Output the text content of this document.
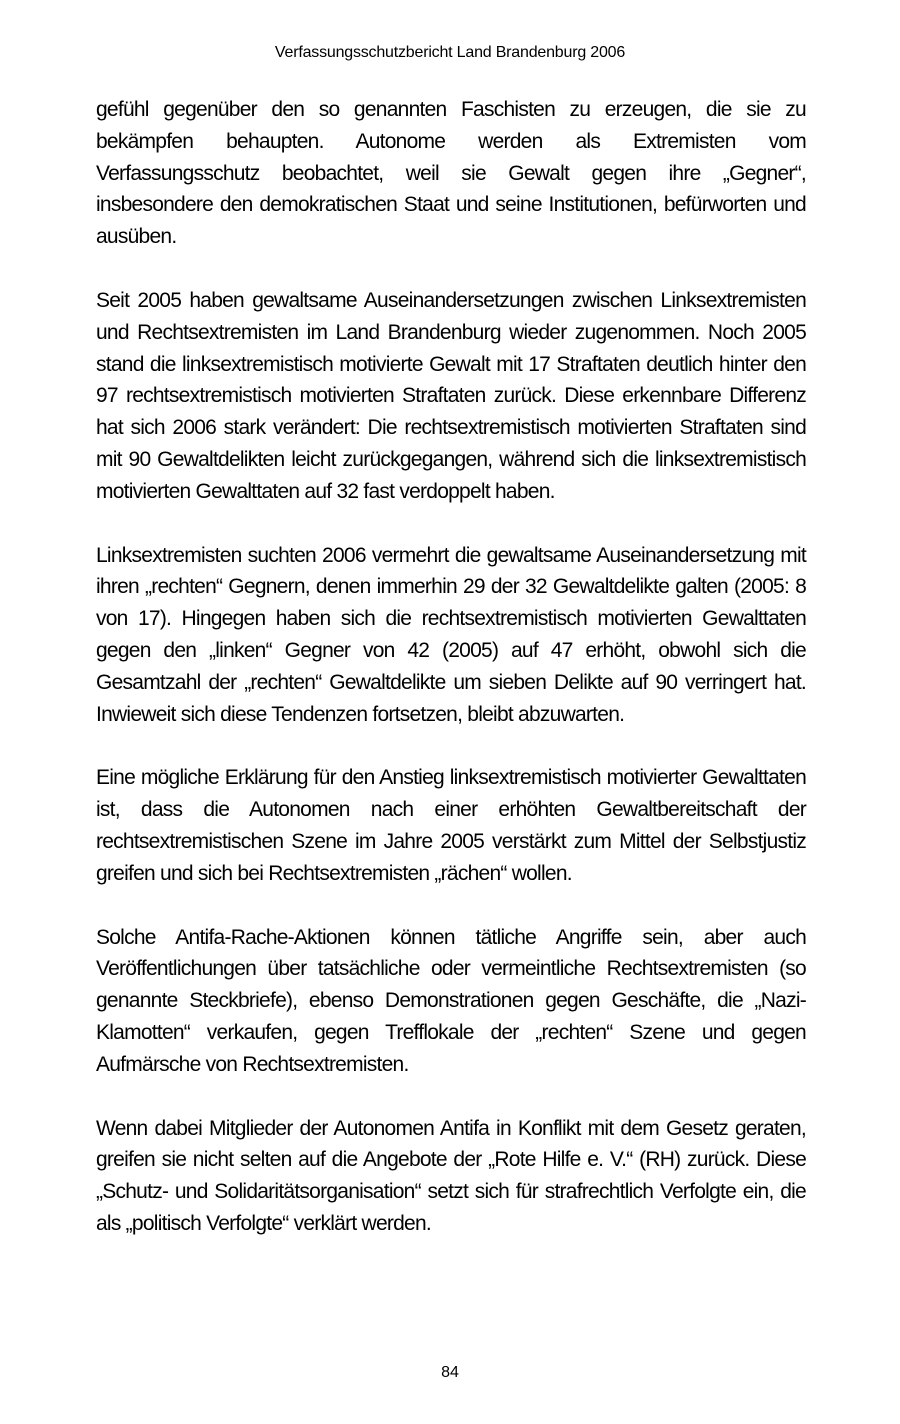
Verfassungsschutzbericht Land Brandenburg 2006

gefühl gegenüber den so genannten Faschisten zu erzeugen, die sie zu bekämpfen behaupten. Autonome werden als Extremisten vom Verfassungsschutz beobachtet, weil sie Gewalt gegen ihre „Gegner“, insbesondere den demokratischen Staat und seine Institutionen, befürworten und ausüben.

Seit 2005 haben gewaltsame Auseinandersetzungen zwischen Linksextremisten und Rechtsextremisten im Land Brandenburg wieder zugenommen. Noch 2005 stand die linksextremistisch motivierte Gewalt mit 17 Straftaten deutlich hinter den 97 rechtsextremistisch motivierten Straftaten zurück. Diese erkennbare Differenz hat sich 2006 stark verändert: Die rechtsextremistisch motivierten Straftaten sind mit 90 Gewaltdelikten leicht zurückgegangen, während sich die linksextremistisch motivierten Gewalttaten auf 32 fast verdoppelt haben.

Linksextremisten suchten 2006 vermehrt die gewaltsame Auseinandersetzung mit ihren „rechten“ Gegnern, denen immerhin 29 der 32 Gewaltdelikte galten (2005: 8 von 17). Hingegen haben sich die rechtsextremistisch motivierten Gewalttaten gegen den „linken“ Gegner von 42 (2005) auf 47 erhöht, obwohl sich die Gesamtzahl der „rechten“ Gewaltdelikte um sieben Delikte auf 90 verringert hat. Inwieweit sich diese Tendenzen fortsetzen, bleibt abzuwarten.

Eine mögliche Erklärung für den Anstieg linksextremistisch motivierter Gewalttaten ist, dass die Autonomen nach einer erhöhten Gewaltbereitschaft der rechtsextremistischen Szene im Jahre 2005 verstärkt zum Mittel der Selbstjustiz greifen und sich bei Rechtsextremisten „rächen“ wollen.

Solche Antifa-Rache-Aktionen können tätliche Angriffe sein, aber auch Veröffentlichungen über tatsächliche oder vermeintliche Rechtsextremisten (so genannte Steckbriefe), ebenso Demonstrationen gegen Geschäfte, die „Nazi-Klamotten“ verkaufen, gegen Trefflokale der „rechten“ Szene und gegen Aufmärsche von Rechtsextremisten.

Wenn dabei Mitglieder der Autonomen Antifa in Konflikt mit dem Gesetz geraten, greifen sie nicht selten auf die Angebote der „Rote Hilfe e. V.“ (RH) zurück. Diese „Schutz- und Solidaritätsorganisation“ setzt sich für strafrechtlich Verfolgte ein, die als „politisch Verfolgte“ verklärt werden.

84
